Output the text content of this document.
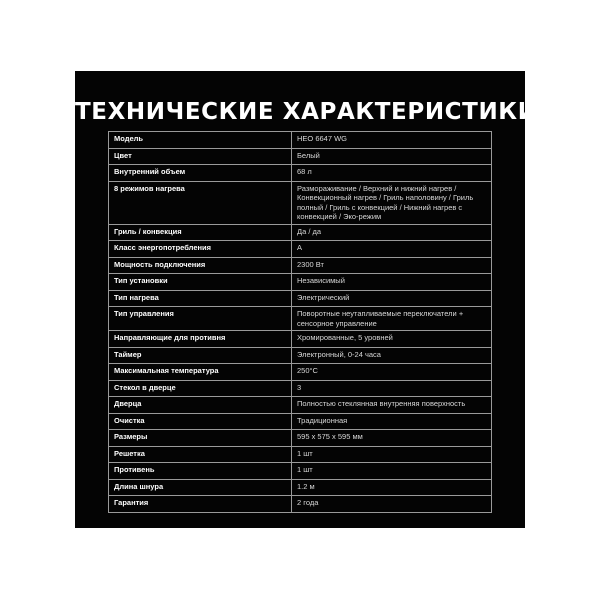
ТЕХНИЧЕСКИЕ ХАРАКТЕРИСТИКИ
Модель	HEO 6647 WG
Цвет	Белый
Внутренний объем	68 л
8 режимов нагрева	Размораживание / Верхний и нижний нагрев / Конвекционный нагрев / Гриль наполовину / Гриль полный / Гриль с конвекцией / Нижний нагрев с конвекцией / Эко-режим
Гриль / конвекция	Да / да
Класс энергопотребления	A
Мощность подключения	2300 Вт
Тип установки	Независимый
Тип нагрева	Электрический
Тип управления	Поворотные неутапливаемые переключатели + сенсорное управление
Направляющие для противня	Хромированные, 5 уровней
Таймер	Электронный, 0-24 часа
Максимальная температура	250°C
Стекол в дверце	3
Дверца	Полностью стеклянная внутренняя поверхность
Очистка	Традиционная
Размеры	595 х 575 х 595 мм
Решетка	1 шт
Противень	1 шт
Длина шнура	1.2 м
Гарантия	2 года
